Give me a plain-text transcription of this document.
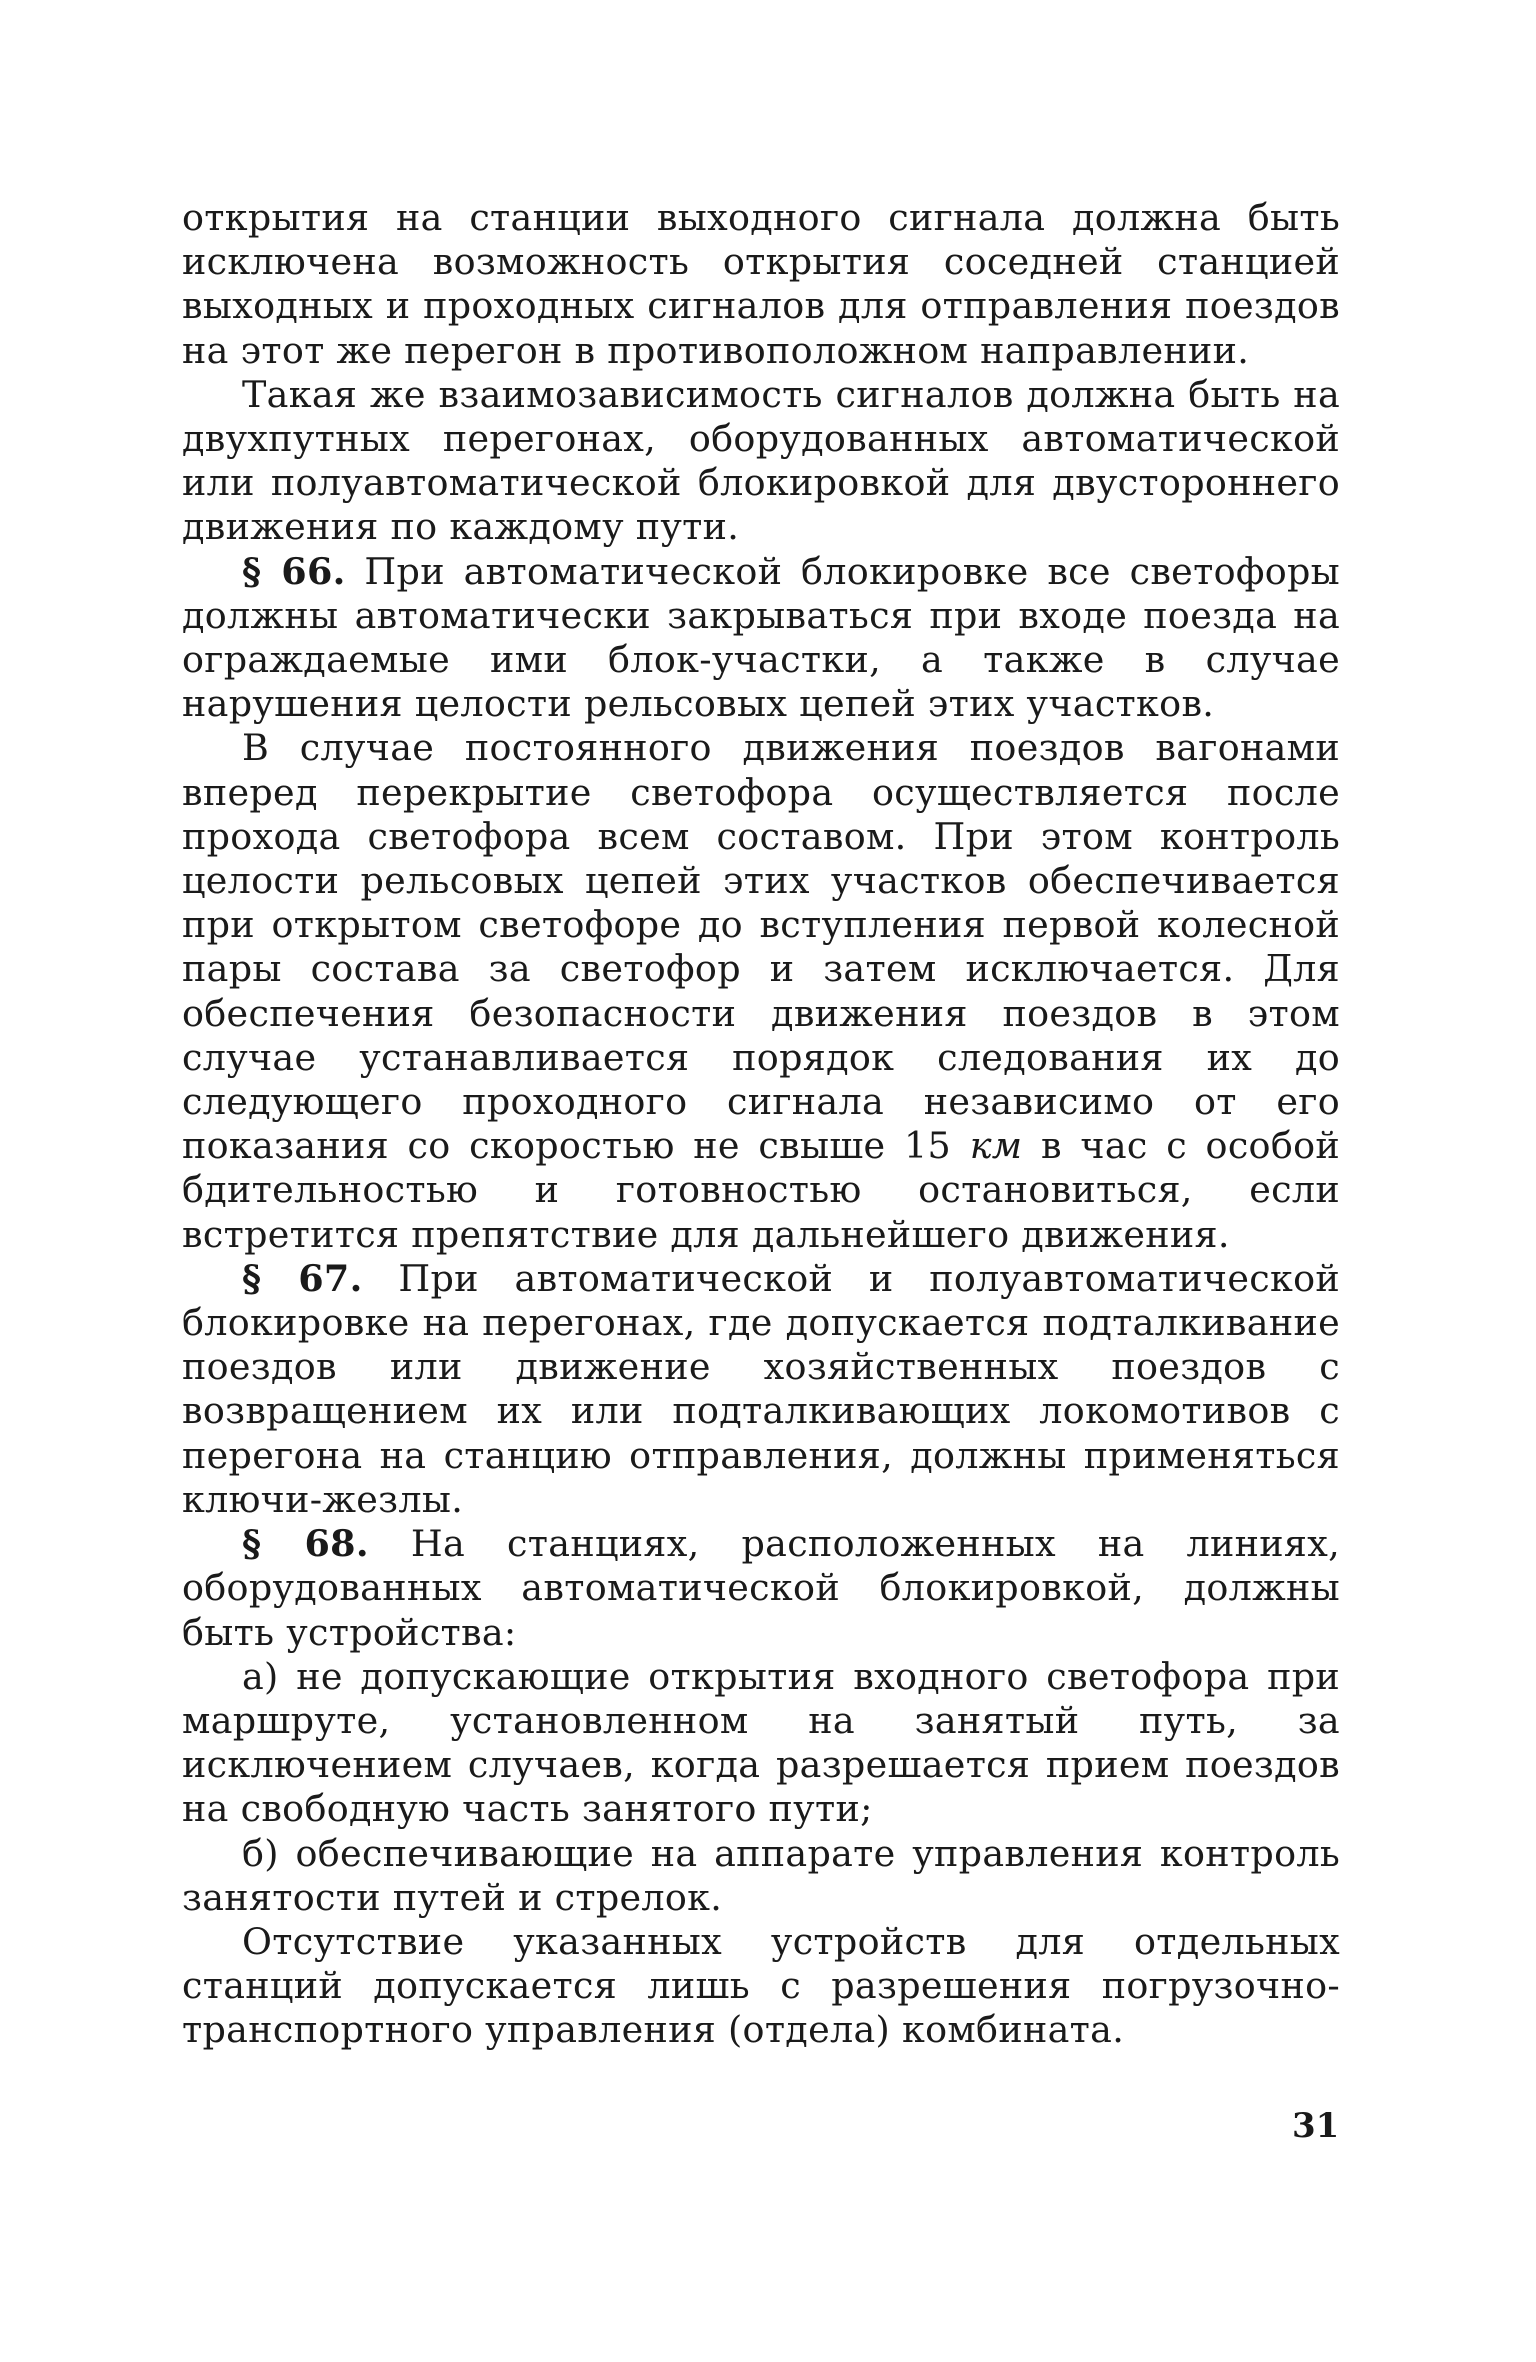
открытия на станции выходного сигнала должна быть исключена возможность открытия соседней станцией выходных и проходных сигналов для отправления поездов на этот же перегон в противоположном направлении.

Такая же взаимозависимость сигналов должна быть на двухпутных перегонах, оборудованных автоматической или полуавтоматической блокировкой для двустороннего движения по каждому пути.

§ 66. При автоматической блокировке все светофоры должны автоматически закрываться при входе поезда на ограждаемые ими блок-участки, а также в случае нарушения целости рельсовых цепей этих участков.

В случае постоянного движения поездов вагонами вперед перекрытие светофора осуществляется после прохода светофора всем составом. При этом контроль целости рельсовых цепей этих участков обеспечивается при открытом светофоре до вступления первой колесной пары состава за светофор и затем исключается. Для обеспечения безопасности движения поездов в этом случае устанавливается порядок следования их до следующего проходного сигнала независимо от его показания со скоростью не свыше 15 км в час с особой бдительностью и готовностью остановиться, если встретится препятствие для дальнейшего движения.

§ 67. При автоматической и полуавтоматической блокировке на перегонах, где допускается подталкивание поездов или движение хозяйственных поездов с возвращением их или подталкивающих локомотивов с перегона на станцию отправления, должны применяться ключи-жезлы.

§ 68. На станциях, расположенных на линиях, оборудованных автоматической блокировкой, должны быть устройства:

а) не допускающие открытия входного светофора при маршруте, установленном на занятый путь, за исключением случаев, когда разрешается прием поездов на свободную часть занятого пути;

б) обеспечивающие на аппарате управления контроль занятости путей и стрелок.

Отсутствие указанных устройств для отдельных станций допускается лишь с разрешения погрузочно-транспортного управления (отдела) комбината.

31
